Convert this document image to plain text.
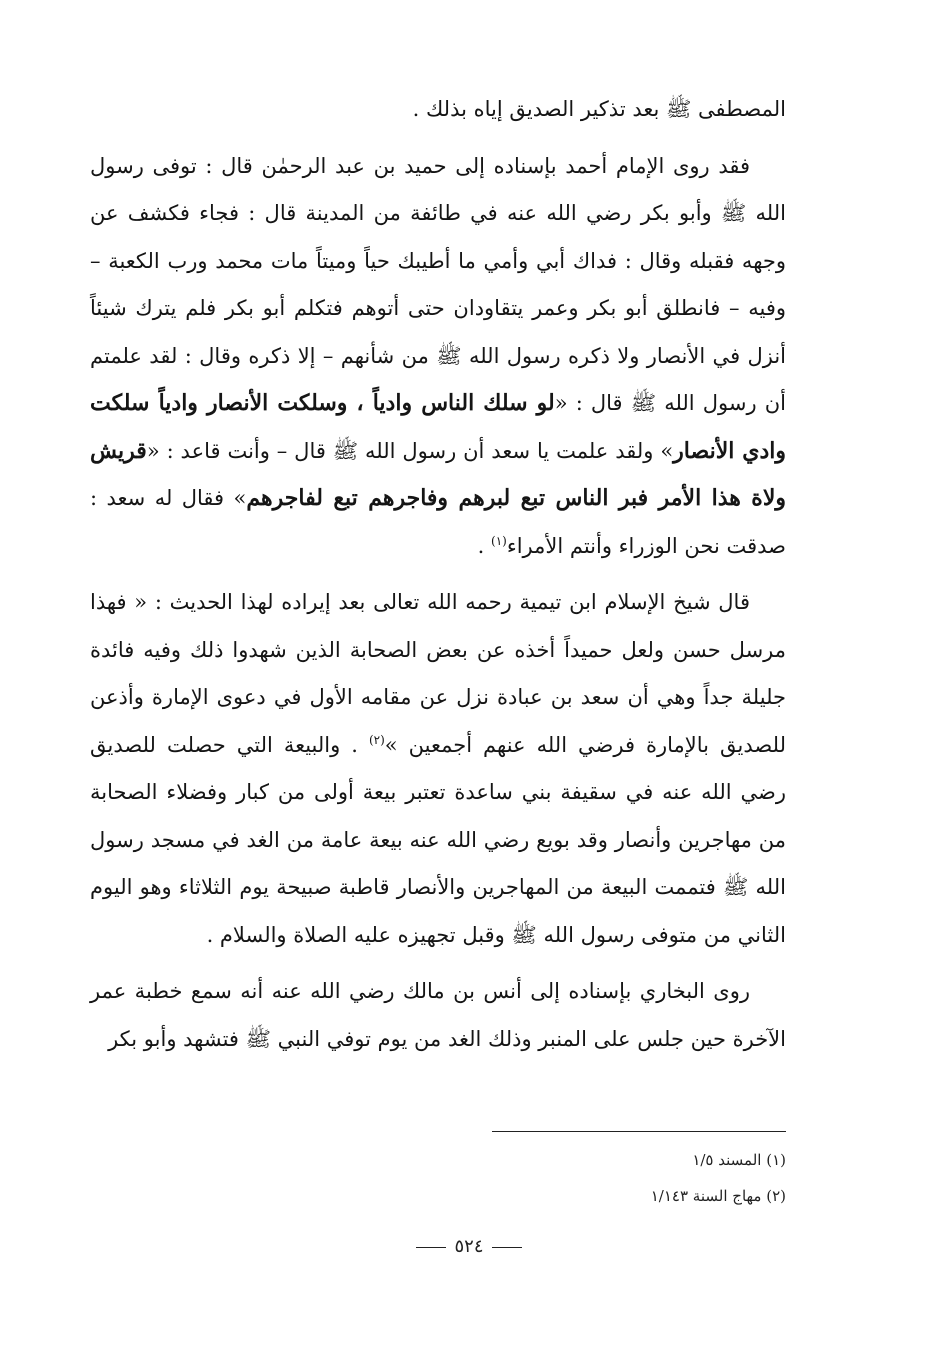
المصطفى ﷺ بعد تذكير الصديق إياه بذلك .

فقد روى الإمام أحمد بإسناده إلى حميد بن عبد الرحمٰن قال : توفى رسول الله ﷺ وأبو بكر رضي الله عنه في طائفة من المدينة قال : فجاء فكشف عن وجهه فقبله وقال : فداك أبي وأمي ما أطيبك حياً وميتاً مات محمد ورب الكعبة – وفيه – فانطلق أبو بكر وعمر يتقاودان حتى أتوهم فتكلم أبو بكر فلم يترك شيئاً أنزل في الأنصار ولا ذكره رسول الله ﷺ من شأنهم – إلا ذكره وقال : لقد علمتم أن رسول الله ﷺ قال : «لو سلك الناس وادياً ، وسلكت الأنصار وادياً سلكت وادي الأنصار» ولقد علمت يا سعد أن رسول الله ﷺ قال – وأنت قاعد : «قريش ولاة هذا الأمر فبر الناس تبع لبرهم وفاجرهم تبع لفاجرهم» فقال له سعد : صدقت نحن الوزراء وأنتم الأمراء$^{(١)}$ .

قال شيخ الإسلام ابن تيمية رحمه الله تعالى بعد إيراده لهذا الحديث : « فهذا مرسل حسن ولعل حميداً أخذه عن بعض الصحابة الذين شهدوا ذلك وفيه فائدة جليلة جداً وهي أن سعد بن عبادة نزل عن مقامه الأول في دعوى الإمارة وأذعن للصديق بالإمارة فرضي الله عنهم أجمعين »$^{(٢)}$ . والبيعة التي حصلت للصديق رضي الله عنه في سقيفة بني ساعدة تعتبر بيعة أولى من كبار وفضلاء الصحابة من مهاجرين وأنصار وقد بويع رضي الله عنه بيعة عامة من الغد في مسجد رسول الله ﷺ فتممت البيعة من المهاجرين والأنصار قاطبة صبيحة يوم الثلاثاء وهو اليوم الثاني من متوفى رسول الله ﷺ وقبل تجهيزه عليه الصلاة والسلام .

روى البخاري بإسناده إلى أنس بن مالك رضي الله عنه أنه سمع خطبة عمر الآخرة حين جلس على المنبر وذلك الغد من يوم توفي النبي ﷺ فتشهد وأبو بكر

(١) المسند ١/٥
(٢) مهاج السنة ١/١٤٣
٥٢٤
